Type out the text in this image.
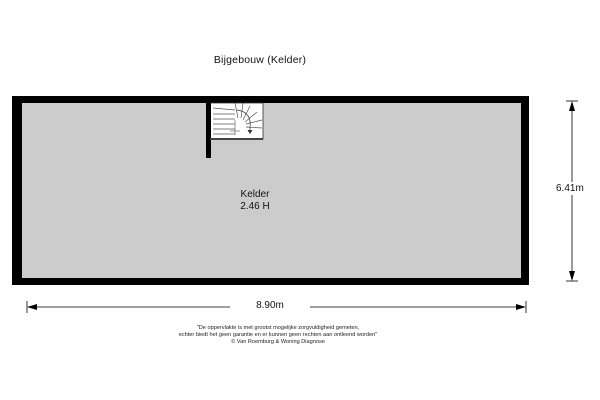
Bijgebouw (Kelder)
Kelder
2.46 H
8.90m
6.41m
"De oppervlakte is met grootst mogelijke zorgvuldigheid gemeten,
echter biedt het geen garantie en er kunnen geen rechten aan ontleend worden"
© Van Roemburg & Woning Diagnose
